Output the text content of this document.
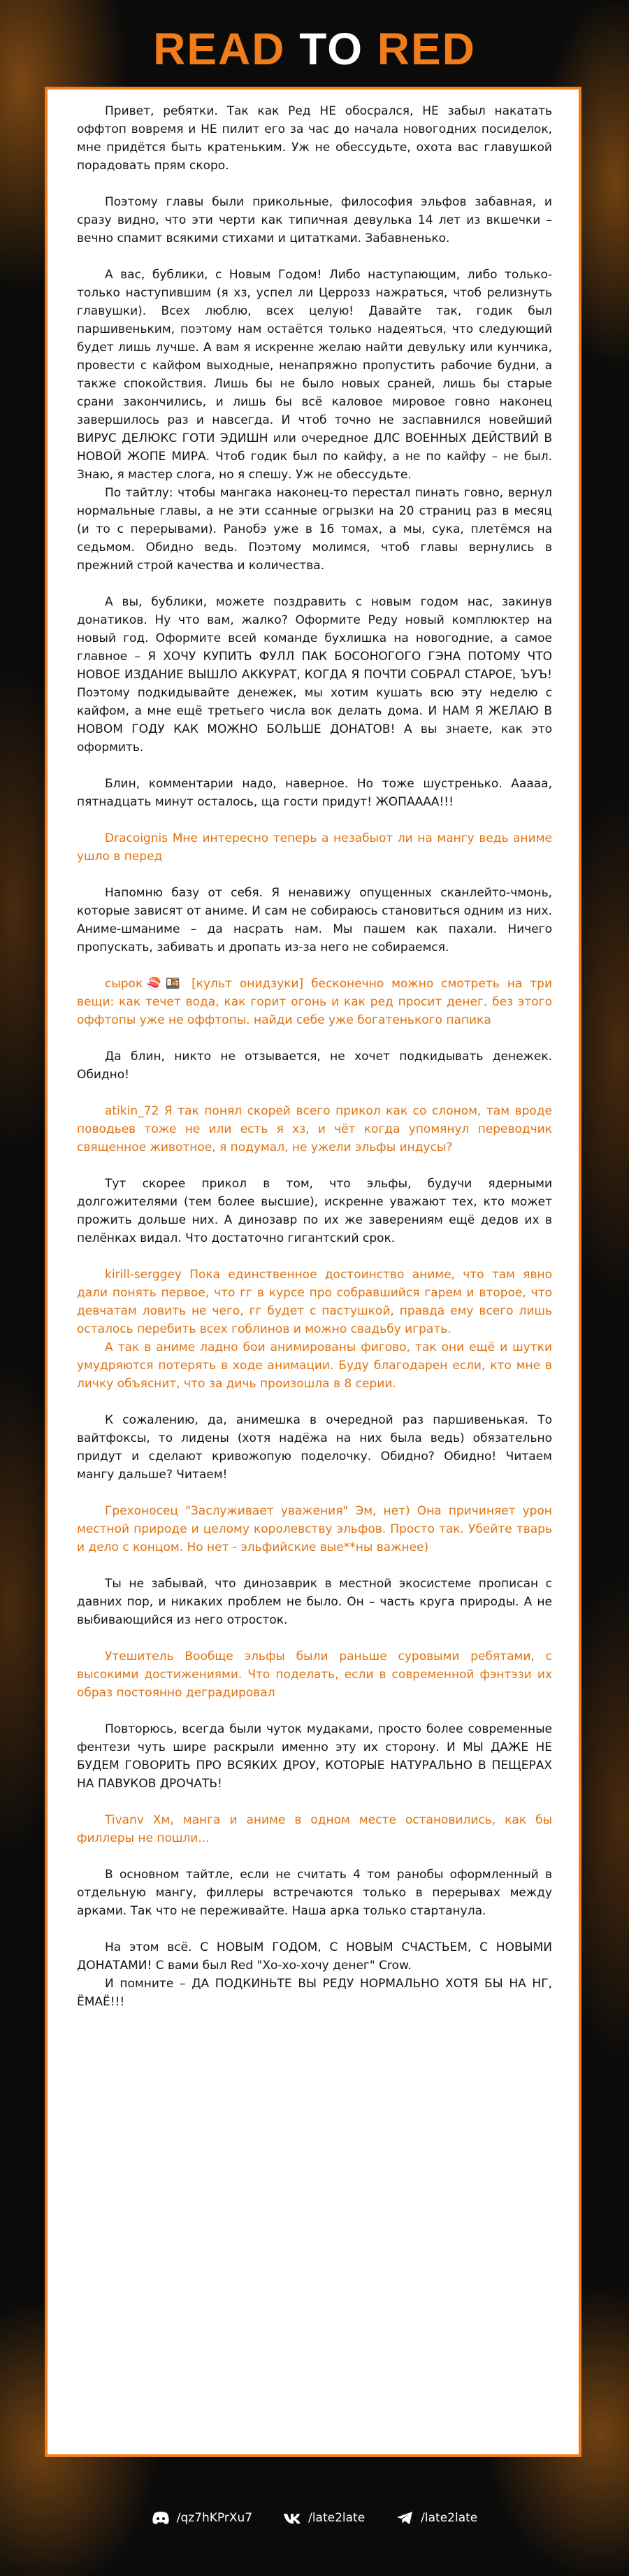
READ TO RED

Привет, ребятки. Так как Ред НЕ обосрался, НЕ забыл накатать оффтоп вовремя и НЕ пилит его за час до начала новогодних посиделок, мне придётся быть кратеньким. Уж не обессудьте, охота вас главушкой порадовать прям скоро.

Поэтому главы были прикольные, философия эльфов забавная, и сразу видно, что эти черти как типичная девулька 14 лет из вкшечки – вечно спамит всякими стихами и цитатками. Забавненько.

А вас, бублики, с Новым Годом! Либо наступающим, либо только-только наступившим (я хз, успел ли Церрозз нажраться, чтоб релизнуть главушки). Всех люблю, всех целую! Давайте так, годик был паршивеньким, поэтому нам остаётся только надеяться, что следующий будет лишь лучше. А вам я искренне желаю найти девульку или кунчика, провести с кайфом выходные, ненапряжно пропустить рабочие будни, а также спокойствия. Лишь бы не было новых сраней, лишь бы старые срани закончились, и лишь бы всё каловое мировое говно наконец завершилось раз и навсегда. И чтоб точно не заспавнился новейший ВИРУС ДЕЛЮКС ГОТИ ЭДИШН или очередное ДЛС ВОЕННЫХ ДЕЙСТВИЙ В НОВОЙ ЖОПЕ МИРА. Чтоб годик был по кайфу, а не по кайфу – не был. Знаю, я мастер слога, но я спешу. Уж не обессудьте.

По тайтлу: чтобы мангака наконец-то перестал пинать говно, вернул нормальные главы, а не эти ссанные огрызки на 20 страниц раз в месяц (и то с перерывами). Ранобэ уже в 16 томах, а мы, сука, плетёмся на седьмом. Обидно ведь. Поэтому молимся, чтоб главы вернулись в прежний строй качества и количества.

А вы, бублики, можете поздравить с новым годом нас, закинув донатиков. Ну что вам, жалко? Оформите Реду новый комплюктер на новый год. Оформите всей команде бухлишка на новогодние, а самое главное – Я ХОЧУ КУПИТЬ ФУЛЛ ПАК БОСОНОГОГО ГЭНА ПОТОМУ ЧТО НОВОЕ ИЗДАНИЕ ВЫШЛО АККУРАТ, КОГДА Я ПОЧТИ СОБРАЛ СТАРОЕ, ЪУЪ! Поэтому подкидывайте денежек, мы хотим кушать всю эту неделю с кайфом, а мне ещё третьего числа вок делать дома. И НАМ Я ЖЕЛАЮ В НОВОМ ГОДУ КАК МОЖНО БОЛЬШЕ ДОНАТОВ! А вы знаете, как это оформить.

Блин, комментарии надо, наверное. Но тоже шустренько. Ааааа, пятнадцать минут осталось, ща гости придут! ЖОПАААА!!!

Dracoignis Мне интересно теперь а незабыот ли на мангу ведь аниме ушло в перед

Напомню базу от себя. Я ненавижу опущенных сканлейто-чмонь, которые зависят от аниме. И сам не собираюсь становиться одним из них. Аниме-шманиме – да насрать нам. Мы пашем как пахали. Ничего пропускать, забивать и дропать из-за него не собираемся.

сырок🍣🍱 [культ онидзуки] бесконечно можно смотреть на три вещи: как течет вода, как горит огонь и как ред просит денег. без этого оффтопы уже не оффтопы. найди себе уже богатенького папика

Да блин, никто не отзывается, не хочет подкидывать денежек. Обидно!

atikin_72 Я так понял скорей всего прикол как со слоном, там вроде поводьев тоже не или есть я хз, и чёт когда упомянул переводчик священное животное, я подумал, не ужели эльфы индусы?

Тут скорее прикол в том, что эльфы, будучи ядерными долгожителями (тем более высшие), искренне уважают тех, кто может прожить дольше них. А динозавр по их же заверениям ещё дедов их в пелёнках видал. Что достаточно гигантский срок.

kirill-serggey Пока единственное достоинство аниме, что там явно дали понять первое, что гг в курсе про собравшийся гарем и второе, что девчатам ловить не чего, гг будет с пастушкой, правда ему всего лишь осталось перебить всех гоблинов и можно свадьбу играть.

А так в аниме ладно бои анимированы фигово, так они ещё и шутки умудряются потерять в ходе анимации. Буду благодарен если, кто мне в личку объяснит, что за дичь произошла в 8 серии.

К сожалению, да, анимешка в очередной раз паршивенькая. То вайтфоксы, то лидены (хотя надёжа на них была ведь) обязательно придут и сделают кривожопую поделочку. Обидно? Обидно! Читаем мангу дальше? Читаем!

Грехоносец "Заслуживает уважения" Эм, нет) Она причиняет урон местной природе и целому королевству эльфов. Просто так. Убейте тварь и дело с концом. Но нет - эльфийские вые**ны важнее)

Ты не забывай, что динозаврик в местной экосистеме прописан с давних пор, и никаких проблем не было. Он – часть круга природы. А не выбивающийся из него отросток.

Утешитель Вообще эльфы были раньше суровыми ребятами, с высокими достижениями. Что поделать, если в современной фэнтэзи их образ постоянно деградировал

Повторюсь, всегда были чуток мудаками, просто более современные фентези чуть шире раскрыли именно эту их сторону. И МЫ ДАЖЕ НЕ БУДЕМ ГОВОРИТЬ ПРО ВСЯКИХ ДРОУ, КОТОРЫЕ НАТУРАЛЬНО В ПЕЩЕРАХ НА ПАВУКОВ ДРОЧАТЬ!

Tivanv Хм, манга и аниме в одном месте остановились, как бы филлеры не пошли...

В основном тайтле, если не считать 4 том ранобы оформленный в отдельную мангу, филлеры встречаются только в перерывах между арками. Так что не переживайте. Наша арка только стартанула.

На этом всё. С НОВЫМ ГОДОМ, С НОВЫМ СЧАСТЬЕМ, С НОВЫМИ ДОНАТАМИ! С вами был Red "Хо-хо-хочу денег" Crow.

И помните – ДА ПОДКИНЬТЕ ВЫ РЕДУ НОРМАЛЬНО ХОТЯ БЫ НА НГ, ЁМАЁ!!!

/qz7hKPrXu7	/late2late	/late2late
